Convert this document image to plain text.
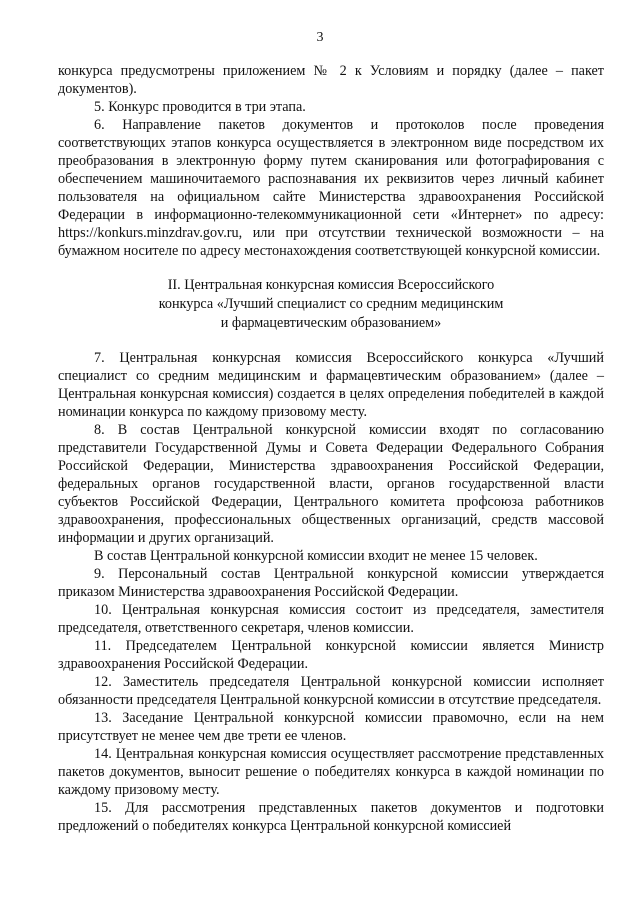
3

конкурса предусмотрены приложением № 2 к Условиям и порядку (далее – пакет документов).

5. Конкурс проводится в три этапа.

6. Направление пакетов документов и протоколов после проведения соответствующих этапов конкурса осуществляется в электронном виде посредством их преобразования в электронную форму путем сканирования или фотографирования с обеспечением машиночитаемого распознавания их реквизитов через личный кабинет пользователя на официальном сайте Министерства здравоохранения Российской Федерации в информационно-телекоммуникационной сети «Интернет» по адресу: https://konkurs.minzdrav.gov.ru, или при отсутствии технической возможности – на бумажном носителе по адресу местонахождения соответствующей конкурсной комиссии.

II. Центральная конкурсная комиссия Всероссийского
конкурса «Лучший специалист со средним медицинским
и фармацевтическим образованием»

7. Центральная конкурсная комиссия Всероссийского конкурса «Лучший специалист со средним медицинским и фармацевтическим образованием» (далее – Центральная конкурсная комиссия) создается в целях определения победителей в каждой номинации конкурса по каждому призовому месту.

8. В состав Центральной конкурсной комиссии входят по согласованию представители Государственной Думы и Совета Федерации Федерального Собрания Российской Федерации, Министерства здравоохранения Российской Федерации, федеральных органов государственной власти, органов государственной власти субъектов Российской Федерации, Центрального комитета профсоюза работников здравоохранения, профессиональных общественных организаций, средств массовой информации и других организаций.

В состав Центральной конкурсной комиссии входит не менее 15 человек.

9. Персональный состав Центральной конкурсной комиссии утверждается приказом Министерства здравоохранения Российской Федерации.

10. Центральная конкурсная комиссия состоит из председателя, заместителя председателя, ответственного секретаря, членов комиссии.

11. Председателем Центральной конкурсной комиссии является Министр здравоохранения Российской Федерации.

12. Заместитель председателя Центральной конкурсной комиссии исполняет обязанности председателя Центральной конкурсной комиссии в отсутствие председателя.

13. Заседание Центральной конкурсной комиссии правомочно, если на нем присутствует не менее чем две трети ее членов.

14. Центральная конкурсная комиссия осуществляет рассмотрение представленных пакетов документов, выносит решение о победителях конкурса в каждой номинации по каждому призовому месту.

15. Для рассмотрения представленных пакетов документов и подготовки предложений о победителях конкурса Центральной конкурсной комиссией
